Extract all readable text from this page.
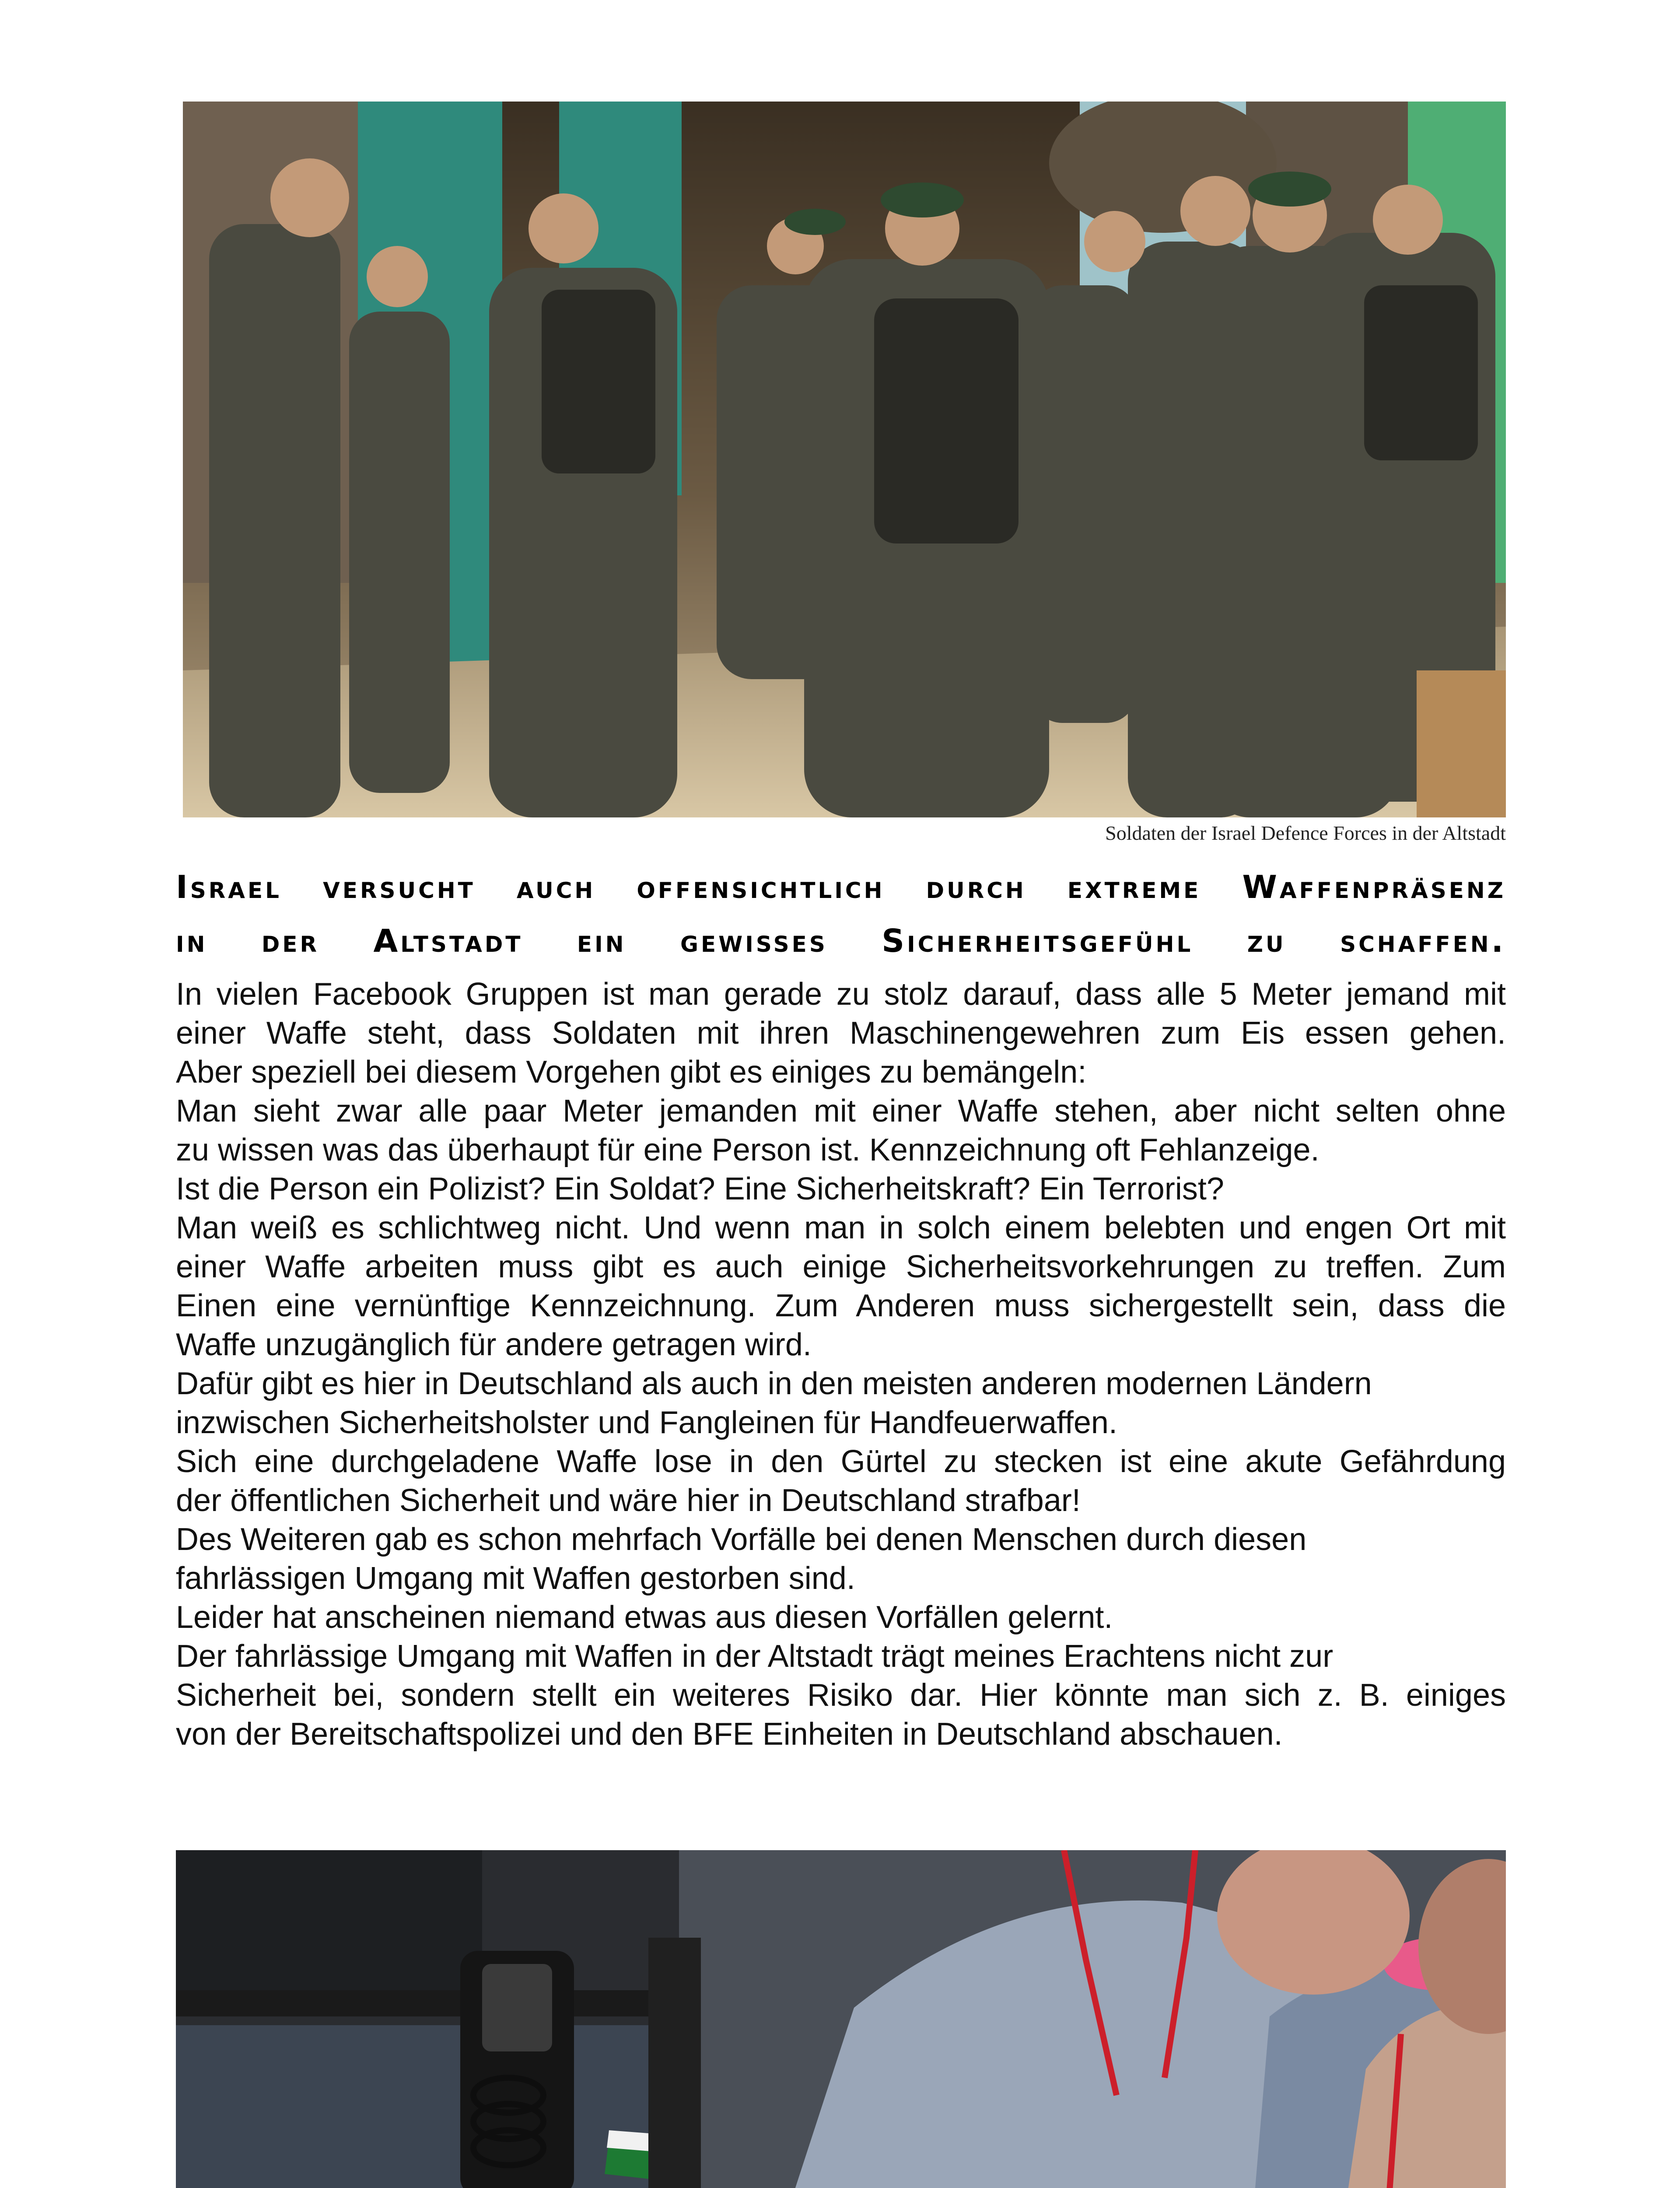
Soldaten der Israel Defence Forces in der Altstadt
Israel versucht auch offensichtlich durch extreme Waffenpräsenz
in der Altstadt ein gewisses Sicherheitsgefühl zu schaffen.
In vielen Facebook Gruppen ist man gerade zu stolz darauf, dass alle 5 Meter jemand mit
einer Waffe steht, dass Soldaten mit ihren Maschinengewehren zum Eis essen gehen.
Aber speziell bei diesem Vorgehen gibt es einiges zu bemängeln:
Man sieht zwar alle paar Meter jemanden mit einer Waffe stehen, aber nicht selten ohne
zu wissen was das überhaupt für eine Person ist. Kennzeichnung oft Fehlanzeige.
Ist die Person ein Polizist? Ein Soldat? Eine Sicherheitskraft? Ein Terrorist?
Man weiß es schlichtweg nicht. Und wenn man in solch einem belebten und engen Ort mit
einer Waffe arbeiten muss gibt es auch einige Sicherheitsvorkehrungen zu treffen. Zum
Einen eine vernünftige Kennzeichnung. Zum Anderen muss sichergestellt sein, dass die
Waffe unzugänglich für andere getragen wird.
Dafür gibt es hier in Deutschland als auch in den meisten anderen modernen Ländern
inzwischen Sicherheitsholster und Fangleinen für Handfeuerwaffen.
Sich eine durchgeladene Waffe lose in den Gürtel zu stecken ist eine akute Gefährdung
der öffentlichen Sicherheit und wäre hier in Deutschland strafbar!
Des Weiteren gab es schon mehrfach Vorfälle bei denen Menschen durch diesen
fahrlässigen Umgang mit Waffen gestorben sind.
Leider hat anscheinen niemand etwas aus diesen Vorfällen gelernt.
Der fahrlässige Umgang mit Waffen in der Altstadt trägt meines Erachtens nicht zur
Sicherheit bei, sondern stellt ein weiteres Risiko dar. Hier könnte man sich z. B. einiges
von der Bereitschaftspolizei und den BFE Einheiten in Deutschland abschauen.
